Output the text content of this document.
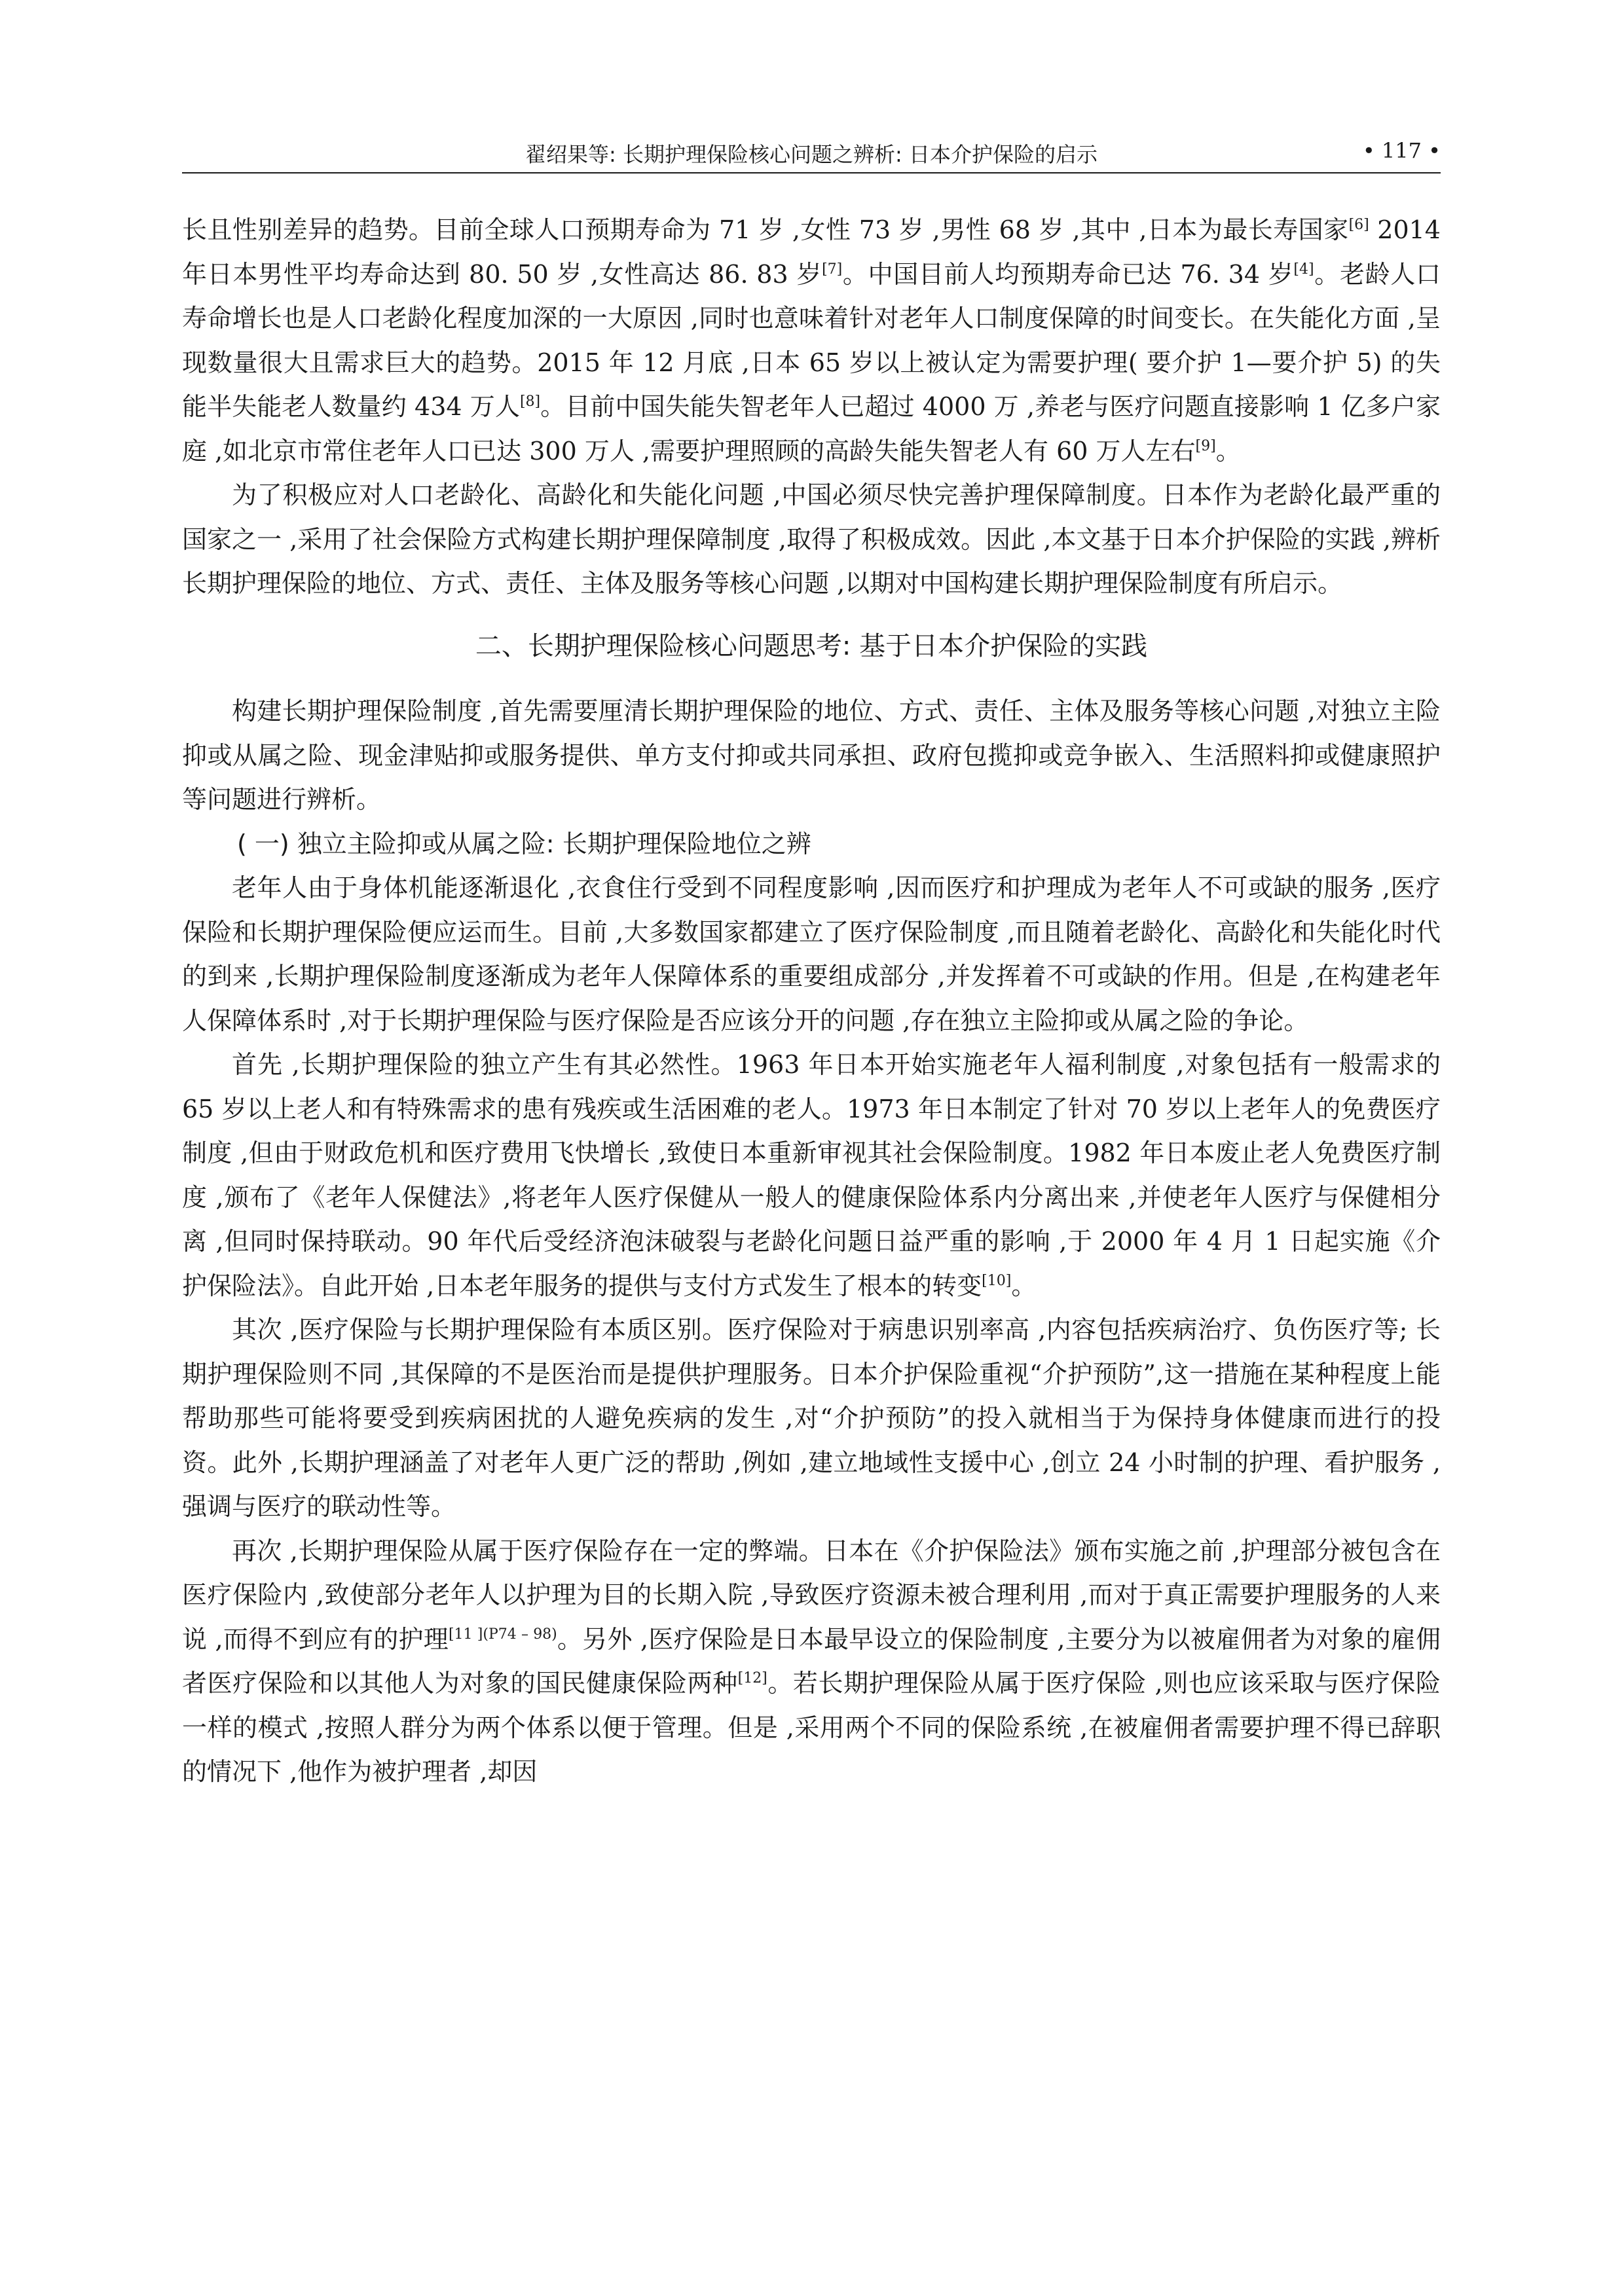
翟绍果等: 长期护理保险核心问题之辨析: 日本介护保险的启示	• 117 •

长且性别差异的趋势。目前全球人口预期寿命为 71 岁 ,女性 73 岁 ,男性 68 岁 ,其中 ,日本为最长寿国家[6] 2014 年日本男性平均寿命达到 80. 50 岁 ,女性高达 86. 83 岁[7]。中国目前人均预期寿命已达 76. 34 岁[4]。老龄人口寿命增长也是人口老龄化程度加深的一大原因 ,同时也意味着针对老年人口制度保障的时间变长。在失能化方面 ,呈现数量很大且需求巨大的趋势。2015 年 12 月底 ,日本 65 岁以上被认定为需要护理( 要介护 1—要介护 5) 的失能半失能老人数量约 434 万人[8]。目前中国失能失智老年人已超过 4000 万 ,养老与医疗问题直接影响 1 亿多户家庭 ,如北京市常住老年人口已达 300 万人 ,需要护理照顾的高龄失能失智老人有 60 万人左右[9]。

为了积极应对人口老龄化、高龄化和失能化问题 ,中国必须尽快完善护理保障制度。日本作为老龄化最严重的国家之一 ,采用了社会保险方式构建长期护理保障制度 ,取得了积极成效。因此 ,本文基于日本介护保险的实践 ,辨析长期护理保险的地位、方式、责任、主体及服务等核心问题 ,以期对中国构建长期护理保险制度有所启示。

二、长期护理保险核心问题思考: 基于日本介护保险的实践

构建长期护理保险制度 ,首先需要厘清长期护理保险的地位、方式、责任、主体及服务等核心问题 ,对独立主险抑或从属之险、现金津贴抑或服务提供、单方支付抑或共同承担、政府包揽抑或竞争嵌入、生活照料抑或健康照护等问题进行辨析。

( 一) 独立主险抑或从属之险: 长期护理保险地位之辨

老年人由于身体机能逐渐退化 ,衣食住行受到不同程度影响 ,因而医疗和护理成为老年人不可或缺的服务 ,医疗保险和长期护理保险便应运而生。目前 ,大多数国家都建立了医疗保险制度 ,而且随着老龄化、高龄化和失能化时代的到来 ,长期护理保险制度逐渐成为老年人保障体系的重要组成部分 ,并发挥着不可或缺的作用。但是 ,在构建老年人保障体系时 ,对于长期护理保险与医疗保险是否应该分开的问题 ,存在独立主险抑或从属之险的争论。

首先 ,长期护理保险的独立产生有其必然性。1963 年日本开始实施老年人福利制度 ,对象包括有一般需求的 65 岁以上老人和有特殊需求的患有残疾或生活困难的老人。1973 年日本制定了针对 70 岁以上老年人的免费医疗制度 ,但由于财政危机和医疗费用飞快增长 ,致使日本重新审视其社会保险制度。1982 年日本废止老人免费医疗制度 ,颁布了《老年人保健法》,将老年人医疗保健从一般人的健康保险体系内分离出来 ,并使老年人医疗与保健相分离 ,但同时保持联动。90 年代后受经济泡沫破裂与老龄化问题日益严重的影响 ,于 2000 年 4 月 1 日起实施《介护保险法》。自此开始 ,日本老年服务的提供与支付方式发生了根本的转变[10]。

其次 ,医疗保险与长期护理保险有本质区别。医疗保险对于病患识别率高 ,内容包括疾病治疗、负伤医疗等; 长期护理保险则不同 ,其保障的不是医治而是提供护理服务。日本介护保险重视“介护预防”,这一措施在某种程度上能帮助那些可能将要受到疾病困扰的人避免疾病的发生 ,对“介护预防”的投入就相当于为保持身体健康而进行的投资。此外 ,长期护理涵盖了对老年人更广泛的帮助 ,例如 ,建立地域性支援中心 ,创立 24 小时制的护理、看护服务 ,强调与医疗的联动性等。

再次 ,长期护理保险从属于医疗保险存在一定的弊端。日本在《介护保险法》颁布实施之前 ,护理部分被包含在医疗保险内 ,致使部分老年人以护理为目的长期入院 ,导致医疗资源未被合理利用 ,而对于真正需要护理服务的人来说 ,而得不到应有的护理$^{[11 ](P74 - 98)}$。另外 ,医疗保险是日本最早设立的保险制度 ,主要分为以被雇佣者为对象的雇佣者医疗保险和以其他人为对象的国民健康保险两种[12]。若长期护理保险从属于医疗保险 ,则也应该采取与医疗保险一样的模式 ,按照人群分为两个体系以便于管理。但是 ,采用两个不同的保险系统 ,在被雇佣者需要护理不得已辞职的情况下 ,他作为被护理者 ,却因
